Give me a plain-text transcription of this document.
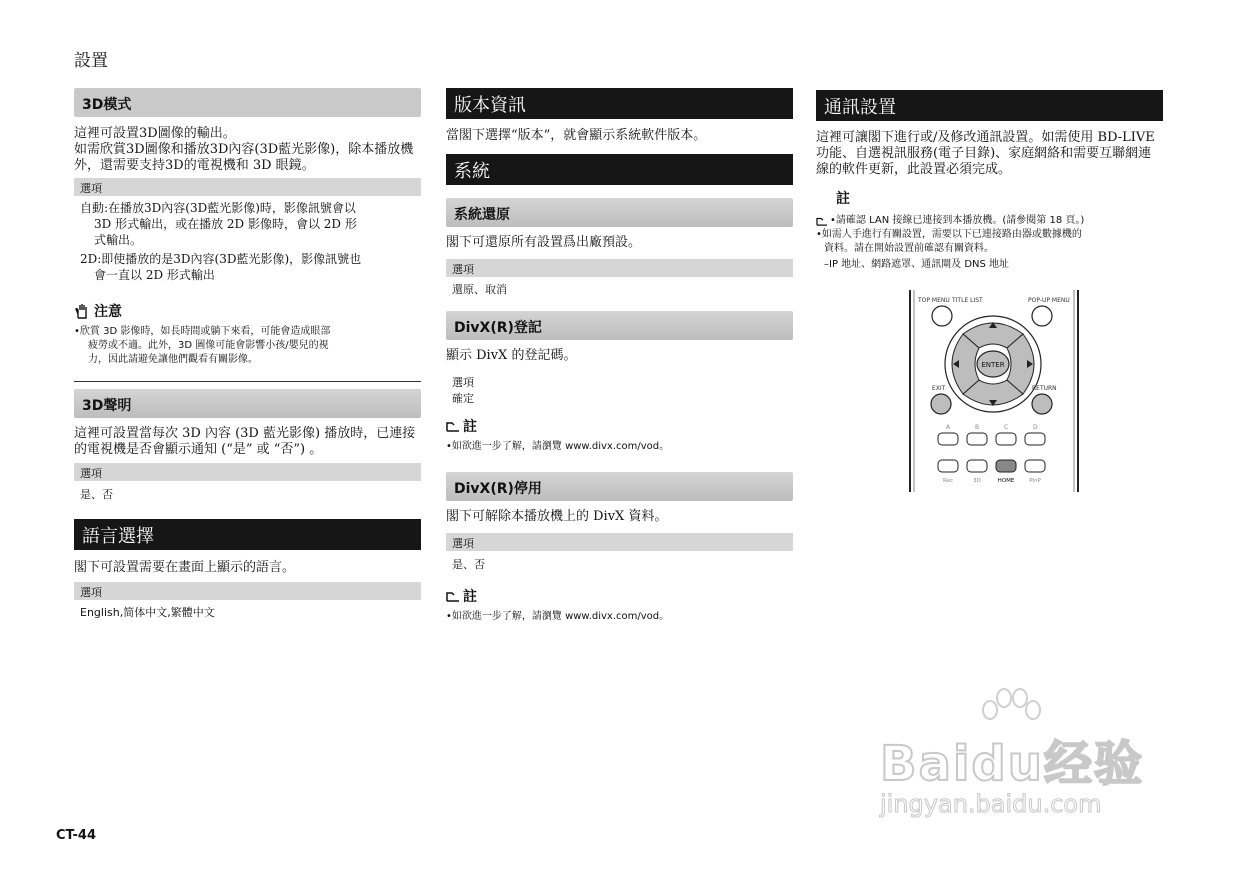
設置
3D模式
這裡可設置3D圖像的輸出。
如需欣賞3D圖像和播放3D內容(3D藍光影像)，除本播放機外，還需要支持3D的電視機和 3D 眼鏡。
選項
自動:在播放3D內容(3D藍光影像)時，影像訊號會以
3D 形式輸出，或在播放 2D 影像時，會以 2D 形
式輸出。
2D:即使播放的是3D內容(3D藍光影像)，影像訊號也
會一直以 2D 形式輸出
注意
•欣賞 3D 影像時，如長時間或躺下來看，可能會造成眼部
疲勞或不適。此外，3D 圖像可能會影響小孩/嬰兒的視
力，因此請避免讓他們觀看有關影像。
3D聲明
這裡可設置當每次 3D 內容 (3D 藍光影像) 播放時，已連接的電視機是否會顯示通知 (“是” 或 “否”) 。
選項
是、否
語言選擇
閣下可設置需要在畫面上顯示的語言。
選項
English,简体中文,繁體中文
版本資訊
當閣下選擇“版本”，就會顯示系統軟件版本。
系統
系統還原
閣下可還原所有設置爲出廠預設。
選項
還原、取消
DivX(R)登記
顯示 DivX 的登記碼。
選項
確定
註
•如欲進一步了解，請瀏覽 www.divx.com/vod。
DivX(R)停用
閣下可解除本播放機上的 DivX 資料。
選項
是、否
註
•如欲進一步了解，請瀏覽 www.divx.com/vod。
通訊設置
這裡可讓閣下進行或/及修改通訊設置。如需使用 BD-LIVE 功能、自選視訊服務(電子目錄)、家庭網絡和需要互聯網連線的軟件更新，此設置必須完成。
註
•請確認 LAN 接線已連接到本播放機。(請參閱第 18 頁。)
•如需人手進行有關設置，需要以下已連接路由器或數據機的
資料。請在開始設置前確認有關資料。
–IP 地址、網路遮罩、通訊閘及 DNS 地址
TOP MENU TITLE LIST	POP-UP MENU
ENTER
EXIT	RETURN
A	B	C	D
Rec	3D	HOME	PinP
Baidu经验
jingyan.baidu.com
CT-44
